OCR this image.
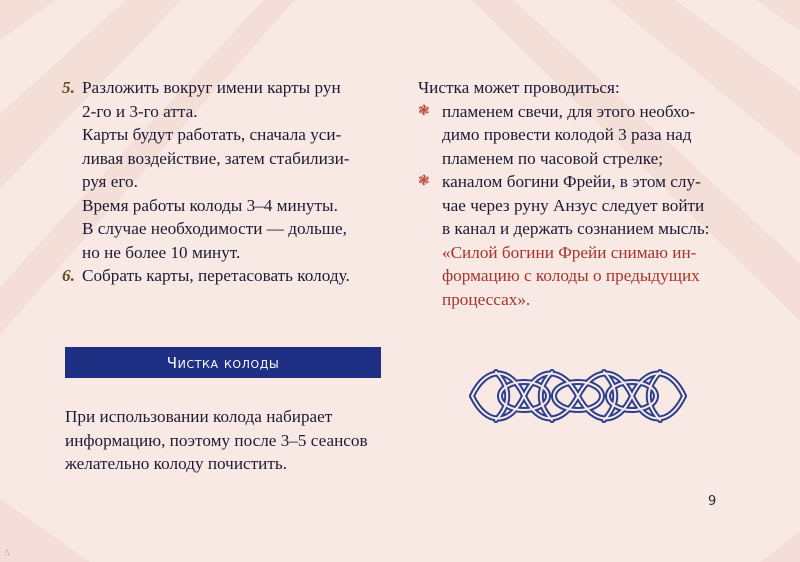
5. Разложить вокруг имени карты рун
2-го и 3-го атта.
Карты будут работать, сначала уси-
ливая воздействие, затем стабилизи-
руя его.
Время работы колоды 3–4 минуты.
В случае необходимости — дольше,
но не более 10 минут.
6. Собрать карты, перетасовать колоду.
Чистка колоды
При использовании колода набирает
информацию, поэтому после 3–5 сеансов
желательно колоду почистить.
Чистка может проводиться:
❃ пламенем свечи, для этого необхо-
димо провести колодой 3 раза над
пламенем по часовой стрелке;
❃ каналом богини Фрейи, в этом слу-
чае через руну Анзус следует войти
в канал и держать сознанием мысль:
«Силой богини Фрейи снимаю ин-
формацию с колоды о предыдущих
процессах».
9
Λ
